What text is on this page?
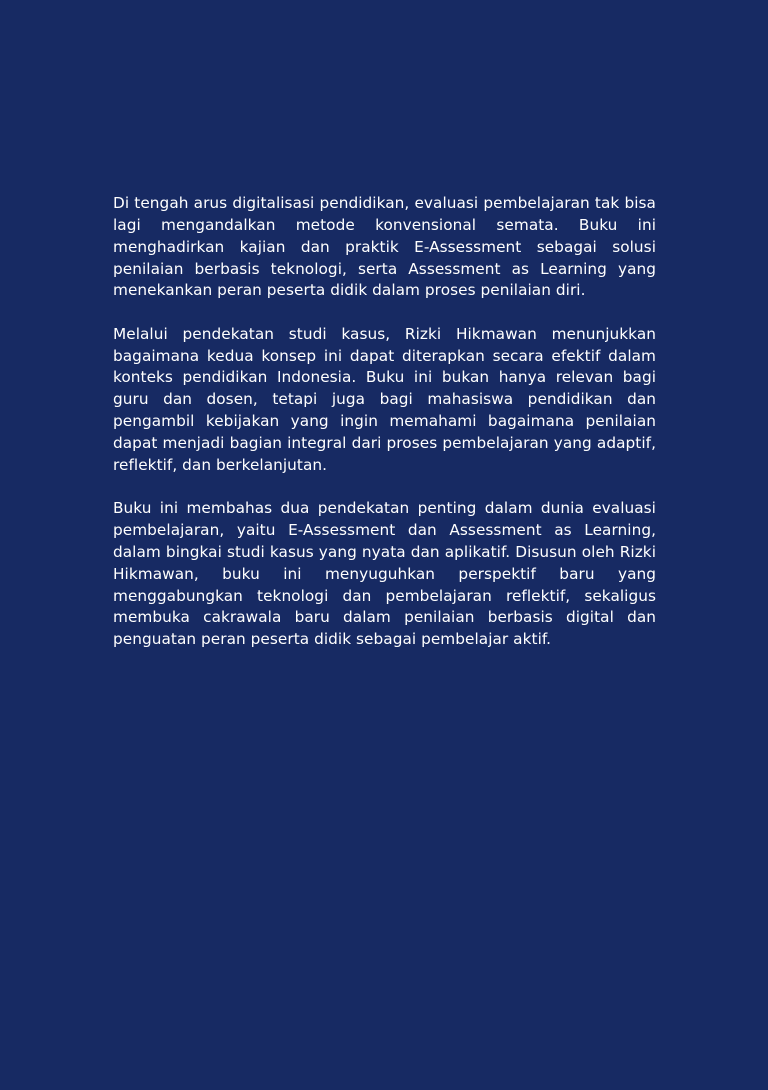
Di tengah arus digitalisasi pendidikan, evaluasi pembelajaran tak bisa lagi mengandalkan metode konvensional semata. Buku ini menghadirkan kajian dan praktik E-Assessment sebagai solusi penilaian berbasis teknologi, serta Assessment as Learning yang menekankan peran peserta didik dalam proses penilaian diri.

Melalui pendekatan studi kasus, Rizki Hikmawan menunjukkan bagaimana kedua konsep ini dapat diterapkan secara efektif dalam konteks pendidikan Indonesia. Buku ini bukan hanya relevan bagi guru dan dosen, tetapi juga bagi mahasiswa pendidikan dan pengambil kebijakan yang ingin memahami bagaimana penilaian dapat menjadi bagian integral dari proses pembelajaran yang adaptif, reflektif, dan berkelanjutan.

Buku ini membahas dua pendekatan penting dalam dunia evaluasi pembelajaran, yaitu E-Assessment dan Assessment as Learning, dalam bingkai studi kasus yang nyata dan aplikatif. Disusun oleh Rizki Hikmawan, buku ini menyuguhkan perspektif baru yang menggabungkan teknologi dan pembelajaran reflektif, sekaligus membuka cakrawala baru dalam penilaian berbasis digital dan penguatan peran peserta didik sebagai pembelajar aktif.
